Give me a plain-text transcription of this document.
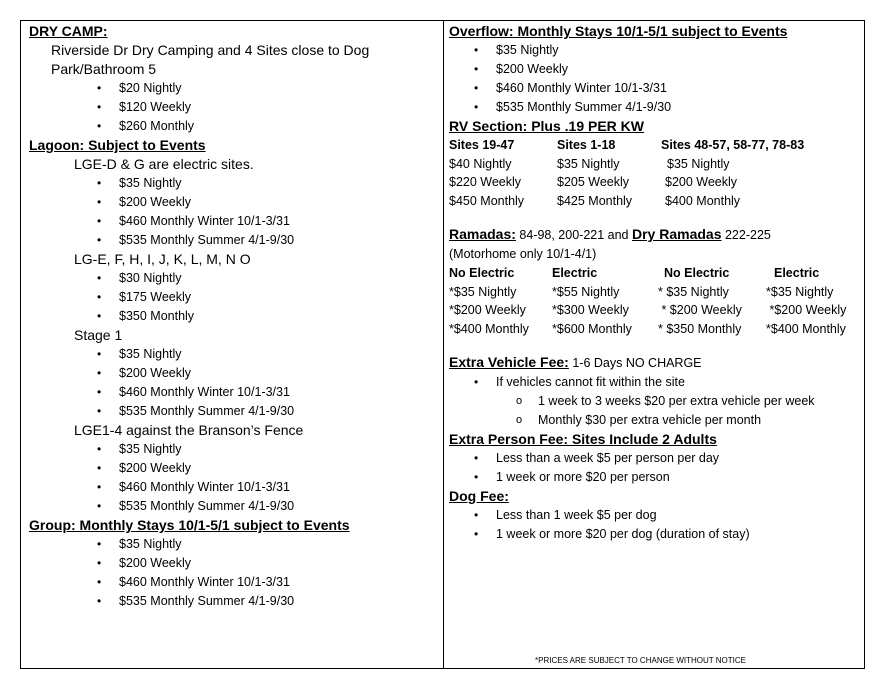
DRY CAMP:
Riverside Dr Dry Camping and 4 Sites close to Dog
Park/Bathroom 5
• $20 Nightly
• $120 Weekly
• $260 Monthly
Lagoon: Subject to Events
LGE-D & G are electric sites.
• $35 Nightly
• $200 Weekly
• $460 Monthly Winter 10/1-3/31
• $535 Monthly Summer 4/1-9/30
LG-E, F, H, I, J, K, L, M, N O
• $30 Nightly
• $175 Weekly
• $350 Monthly
Stage 1
• $35 Nightly
• $200 Weekly
• $460 Monthly Winter 10/1-3/31
• $535 Monthly Summer 4/1-9/30
LGE1-4 against the Branson’s Fence
• $35 Nightly
• $200 Weekly
• $460 Monthly Winter 10/1-3/31
• $535 Monthly Summer 4/1-9/30
Group: Monthly Stays 10/1-5/1 subject to Events
• $35 Nightly
• $200 Weekly
• $460 Monthly Winter 10/1-3/31
• $535 Monthly Summer 4/1-9/30
Overflow: Monthly Stays 10/1-5/1 subject to Events
• $35 Nightly
• $200 Weekly
• $460 Monthly Winter 10/1-3/31
• $535 Monthly Summer 4/1-9/30
RV Section: Plus .19 PER KW
Sites 19-47	Sites 1-18	Sites 48-57, 58-77, 78-83
$40 Nightly	$35 Nightly	$35 Nightly
$220 Weekly	$205 Weekly	$200 Weekly
$450 Monthly	$425 Monthly	$400 Monthly
Ramadas: 84-98, 200-221 and Dry Ramadas 222-225
(Motorhome only 10/1-4/1)
No Electric	Electric	No Electric	Electric
*$35 Nightly	*$55 Nightly	* $35 Nightly	*$35 Nightly
*$200 Weekly	*$300 Weekly	* $200 Weekly	*$200 Weekly
*$400 Monthly	*$600 Monthly	* $350 Monthly	*$400 Monthly
Extra Vehicle Fee: 1-6 Days NO CHARGE
• If vehicles cannot fit within the site
o 1 week to 3 weeks $20 per extra vehicle per week
o Monthly $30 per extra vehicle per month
Extra Person Fee: Sites Include 2 Adults
• Less than a week $5 per person per day
• 1 week or more $20 per person
Dog Fee:
• Less than 1 week $5 per dog
• 1 week or more $20 per dog (duration of stay)
*PRICES ARE SUBJECT TO CHANGE WITHOUT NOTICE
